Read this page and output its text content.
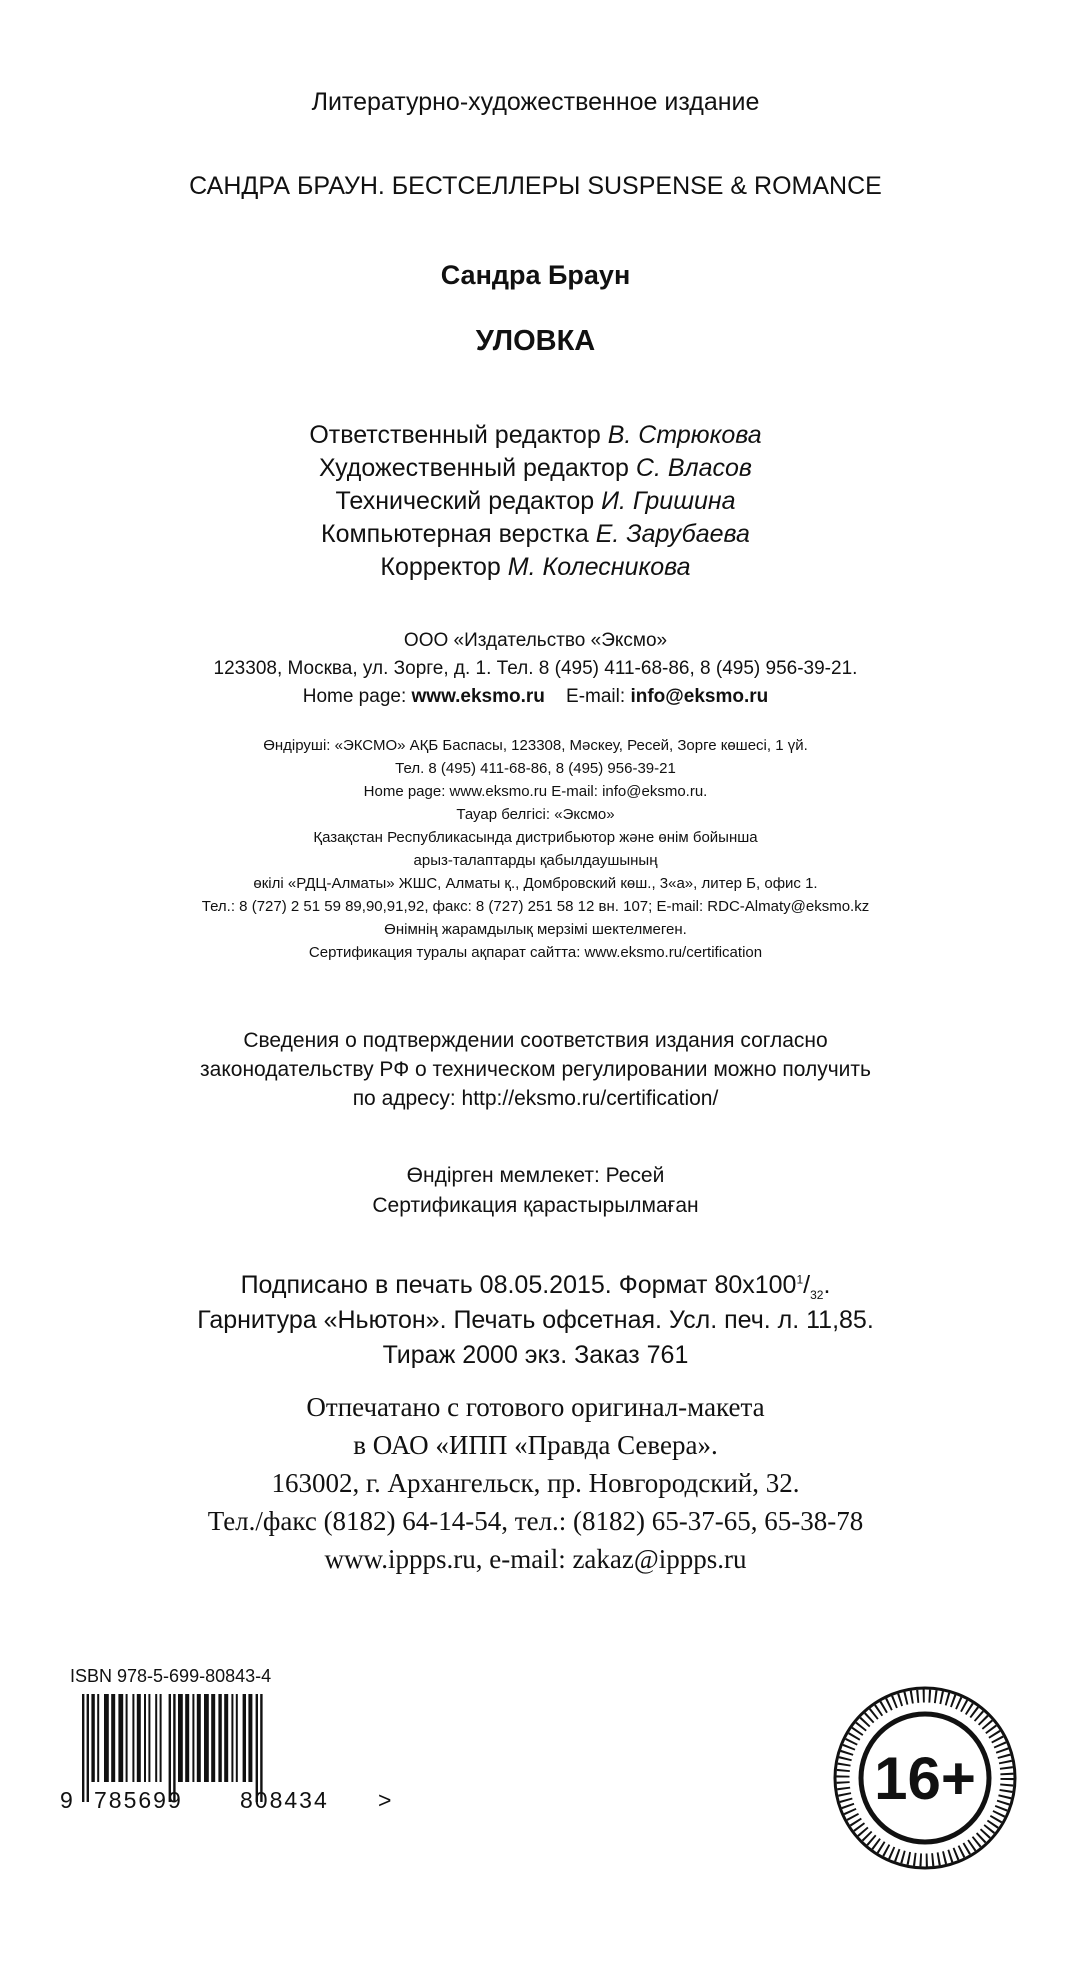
Литературно-художественное издание
САНДРА БРАУН. БЕСТСЕЛЛЕРЫ SUSPENSE & ROMANCE
Сандра Браун
УЛОВКА
Ответственный редактор В. Стрюкова
Художественный редактор С. Власов
Технический редактор И. Гришина
Компьютерная верстка Е. Зарубаева
Корректор М. Колесникова
ООО «Издательство «Эксмо»
123308, Москва, ул. Зорге, д. 1. Тел. 8 (495) 411-68-86, 8 (495) 956-39-21.
Home page: www.eksmo.ru E-mail: info@eksmo.ru
Өндіруші: «ЭКСМО» АҚБ Баспасы, 123308, Мәскеу, Ресей, Зорге көшесі, 1 үй.
Тел. 8 (495) 411-68-86, 8 (495) 956-39-21
Home page: www.eksmo.ru E-mail: info@eksmo.ru.
Тауар белгісі: «Эксмо»
Қазақстан Республикасында дистрибьютор және өнім бойынша
арыз-талаптарды қабылдаушының
өкілі «РДЦ-Алматы» ЖШС, Алматы қ., Домбровский көш., 3«а», литер Б, офис 1.
Тел.: 8 (727) 2 51 59 89,90,91,92, факс: 8 (727) 251 58 12 вн. 107; E-mail: RDC-Almaty@eksmo.kz
Өнімнің жарамдылық мерзімі шектелмеген.
Сертификация туралы ақпарат сайтта: www.eksmo.ru/certification
Сведения о подтверждении соответствия издания согласно
законодательству РФ о техническом регулировании можно получить
по адресу: http://eksmo.ru/certification/
Өндірген мемлекет: Ресей
Сертификация қарастырылмаған
Подписано в печать 08.05.2015. Формат $80x100^1/_{32}$.
Гарнитура «Ньютон». Печать офсетная. Усл. печ. л. 11,85.
Тираж 2000 экз. Заказ 761
Отпечатано с готового оригинал-макета
в ОАО «ИПП «Правда Севера».
163002, г. Архангельск, пр. Новгородский, 32.
Тел./факс (8182) 64-14-54, тел.: (8182) 65-37-65, 65-38-78
www.ippps.ru, e-mail: zakaz@ippps.ru
ISBN 978-5-699-80843-4
9 785699 808434 >	16+
